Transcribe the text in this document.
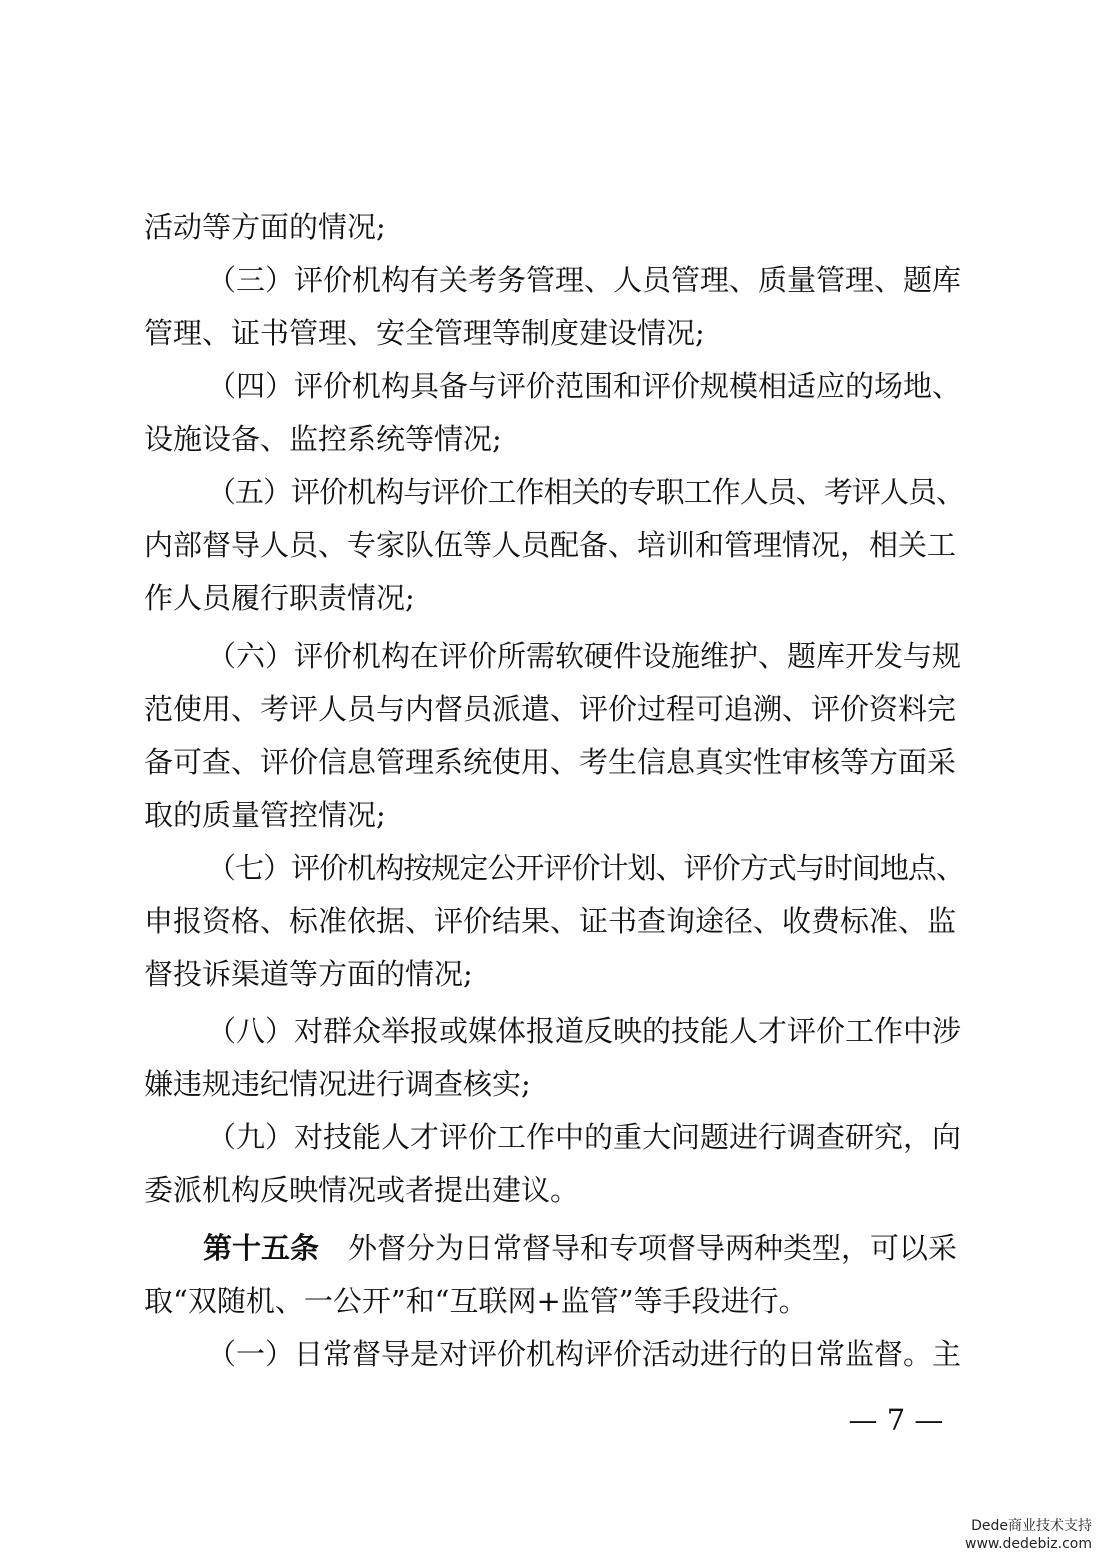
活动等方面的情况;
（三）评价机构有关考务管理、人员管理、质量管理、题库
管理、证书管理、安全管理等制度建设情况;
（四）评价机构具备与评价范围和评价规模相适应的场地、
设施设备、监控系统等情况;
（五）评价机构与评价工作相关的专职工作人员、考评人员、
内部督导人员、专家队伍等人员配备、培训和管理情况，相关工
作人员履行职责情况;
（六）评价机构在评价所需软硬件设施维护、题库开发与规
范使用、考评人员与内督员派遣、评价过程可追溯、评价资料完
备可查、评价信息管理系统使用、考生信息真实性审核等方面采
取的质量管控情况;
（七）评价机构按规定公开评价计划、评价方式与时间地点、
申报资格、标准依据、评价结果、证书查询途径、收费标准、监
督投诉渠道等方面的情况;
（八）对群众举报或媒体报道反映的技能人才评价工作中涉
嫌违规违纪情况进行调查核实;
（九）对技能人才评价工作中的重大问题进行调查研究，向
委派机构反映情况或者提出建议。
第十五条　外督分为日常督导和专项督导两种类型，可以采
取“双随机、一公开”和“互联网+监管”等手段进行。
（一）日常督导是对评价机构评价活动进行的日常监督。主
— 7 —
Dede商业技术支持
www.dedebiz.com
